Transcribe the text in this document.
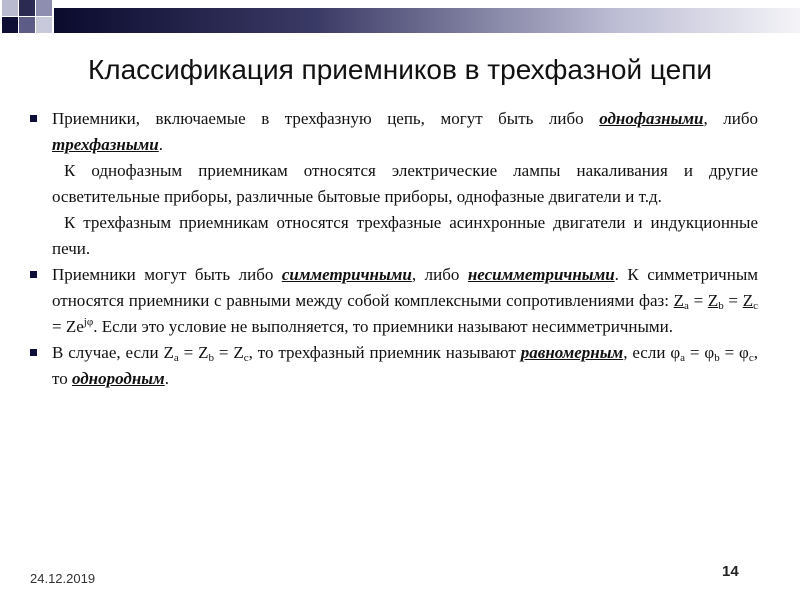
Классификация приемников в трехфазной цепи

Приемники, включаемые в трехфазную цепь, могут быть либо однофазными, либо трехфазными.

К однофазным приемникам относятся электрические лампы накаливания и другие осветительные приборы, различные бытовые приборы, однофазные двигатели и т.д.

К трехфазным приемникам относятся трехфазные асинхронные двигатели и индукционные печи.

Приемники могут быть либо симметричными, либо несимметричными. К симметричным относятся приемники с равными между собой комплексными сопротивлениями фаз: $Z_a = Z_b = Z_c = Ze^{j\varphi}$. Если это условие не выполняется, то приемники называют несимметричными.

В случае, если $Z_a = Z_b = Z_c$, то трехфазный приемник называют равномерным, если $\varphi_a = \varphi_b = \varphi_c$, то однородным.

24.12.2019	14
